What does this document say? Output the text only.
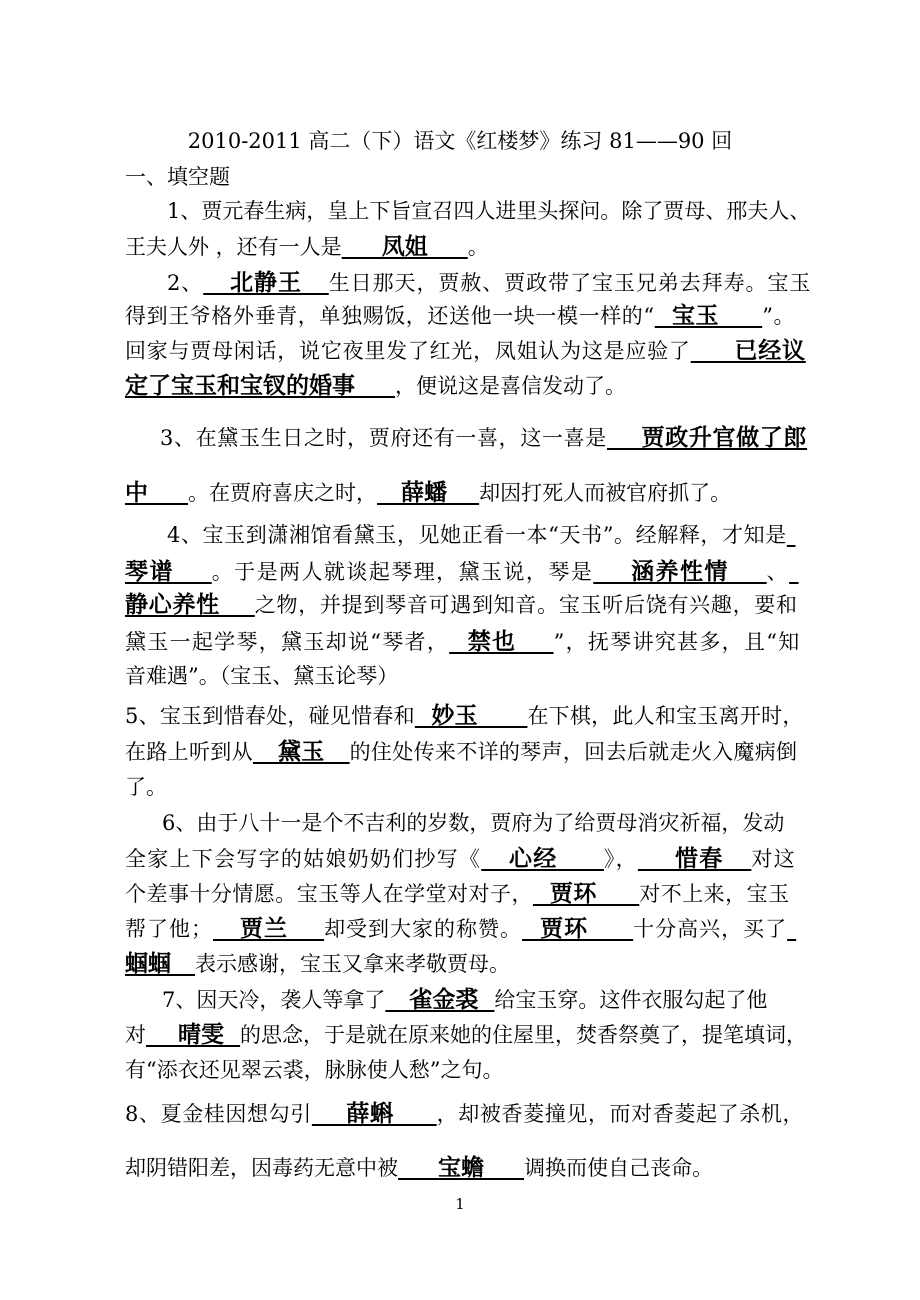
2010-2011 高二（下）语文《红楼梦》练习 81——90 回
一、填空题
1、贾元春生病，皇上下旨宣召四人进里头探问。除了贾母、邢夫人、
王夫人外 ，还有一人是     凤姐     。
2、   北静王   生日那天，贾赦、贾政带了宝玉兄弟去拜寿。宝玉
得到王爷格外垂青，单独赐饭，还送他一块一模一样的“  宝玉     ”。
回家与贾母闲话，说它夜里发了红光，凤姐认为这是应验了     已经议
定了宝玉和宝钗的婚事     ，便说这是喜信发动了。
3、在黛玉生日之时，贾府还有一喜，这一喜是    贾政升官做了郎
中     。在贾府喜庆之时，   薛蟠    却因打死人而被官府抓了。
4、宝玉到潇湘馆看黛玉，见她正看一本“天书”。经解释，才知是
琴谱    。于是两人就谈起琴理，黛玉说，琴是    涵养性情    、
静心养性    之物，并提到琴音可遇到知音。宝玉听后饶有兴趣，要和
黛玉一起学琴，黛玉却说“琴者，  禁也    ”，抚琴讲究甚多，且“知
音难遇”。（宝玉、黛玉论琴）
5、宝玉到惜春处，碰见惜春和  妙玉      在下棋，此人和宝玉离开时，
在路上听到从   黛玉   的住处传来不详的琴声，回去后就走火入魔病倒
了。
6、由于八十一是个不吉利的岁数，贾府为了给贾母消灾祈福，发动
全家上下会写字的姑娘奶奶们抄写《   心经     》，    惜春   对这
个差事十分情愿。宝玉等人在学堂对对子，  贾环     对不上来，宝玉
帮了他；   贾兰    却受到大家的称赞。  贾环     十分高兴，买了
蝈蝈   表示感谢，宝玉又拿来孝敬贾母。
7、因天冷，袭人等拿了   雀金裘  给宝玉穿。这件衣服勾起了他
对    晴雯  的思念，于是就在原来她的住屋里，焚香祭奠了，提笔填词，
有“添衣还见翠云裘，脉脉使人愁”之句。
8、夏金桂因想勾引    薛蝌     ，却被香菱撞见，而对香菱起了杀机，
却阴错阳差，因毒药无意中被     宝蟾     调换而使自己丧命。
1
